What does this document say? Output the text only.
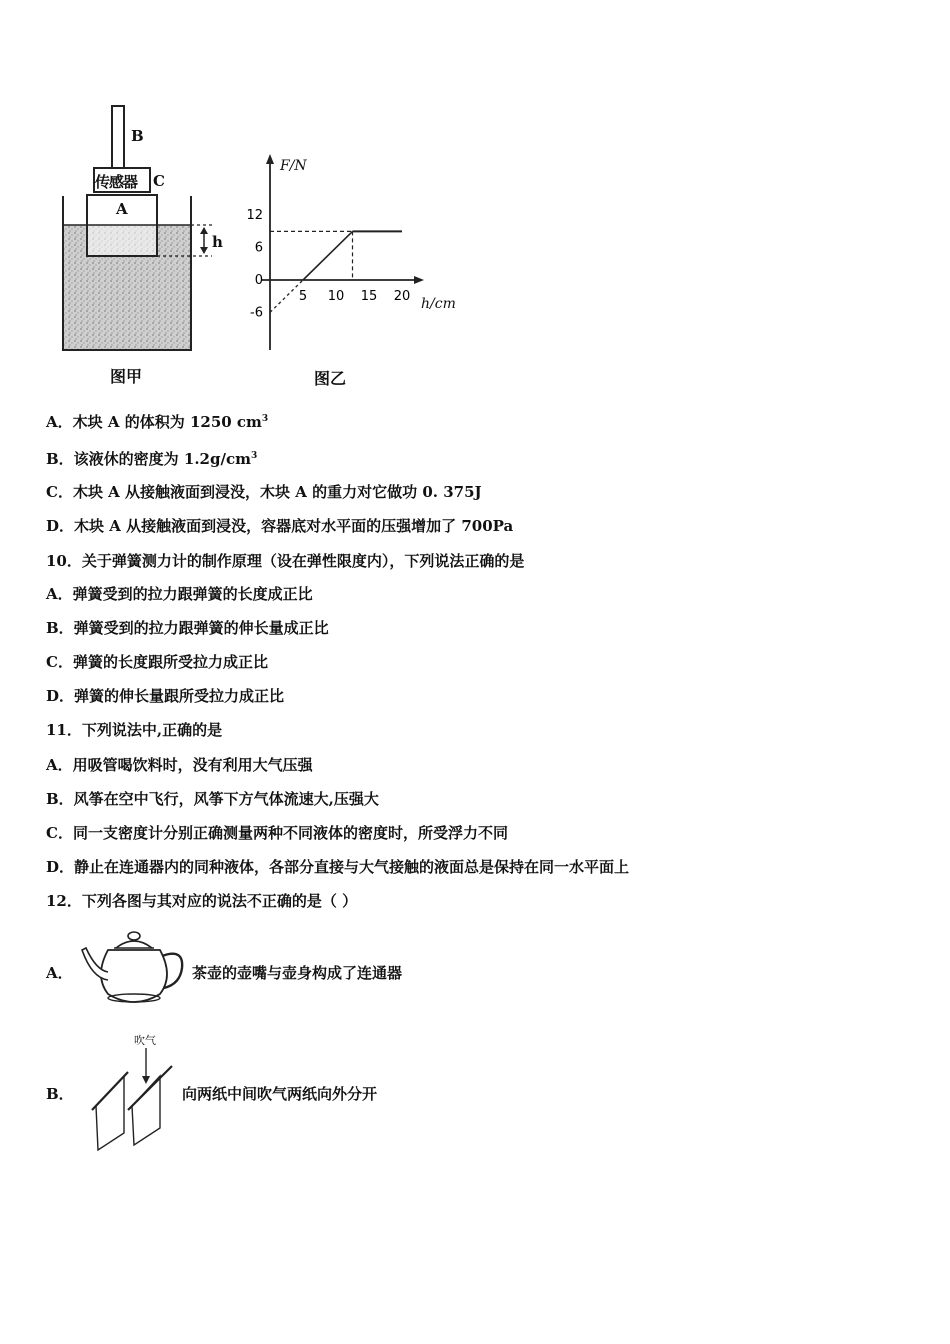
B
传感器 C
A
h
图甲
12
6
0
-6
5 10 15 20
F/N
h/cm
图乙
A．木块 A 的体积为 1250 $cm^3$
B．该液休的密度为 $1.2g/cm^3$
C．木块 A 从接触液面到浸没，木块 A 的重力对它做功 0. 375J
D．木块 A 从接触液面到浸没，容器底对水平面的压强增加了 700Pa
10．关于弹簧测力计的制作原理（设在弹性限度内），下列说法正确的是
A．弹簧受到的拉力跟弹簧的长度成正比
B．弹簧受到的拉力跟弹簧的伸长量成正比
C．弹簧的长度跟所受拉力成正比
D．弹簧的伸长量跟所受拉力成正比
11．下列说法中,正确的是
A．用吸管喝饮料时，没有利用大气压强
B．风筝在空中飞行，风筝下方气体流速大,压强大
C．同一支密度计分别正确测量两种不同液体的密度时，所受浮力不同
D．静止在连通器内的同种液体，各部分直接与大气接触的液面总是保持在同一水平面上
12．下列各图与其对应的说法不正确的是（ ）
A．	茶壶的壶嘴与壶身构成了连通器
B．
吹气
向两纸中间吹气两纸向外分开
